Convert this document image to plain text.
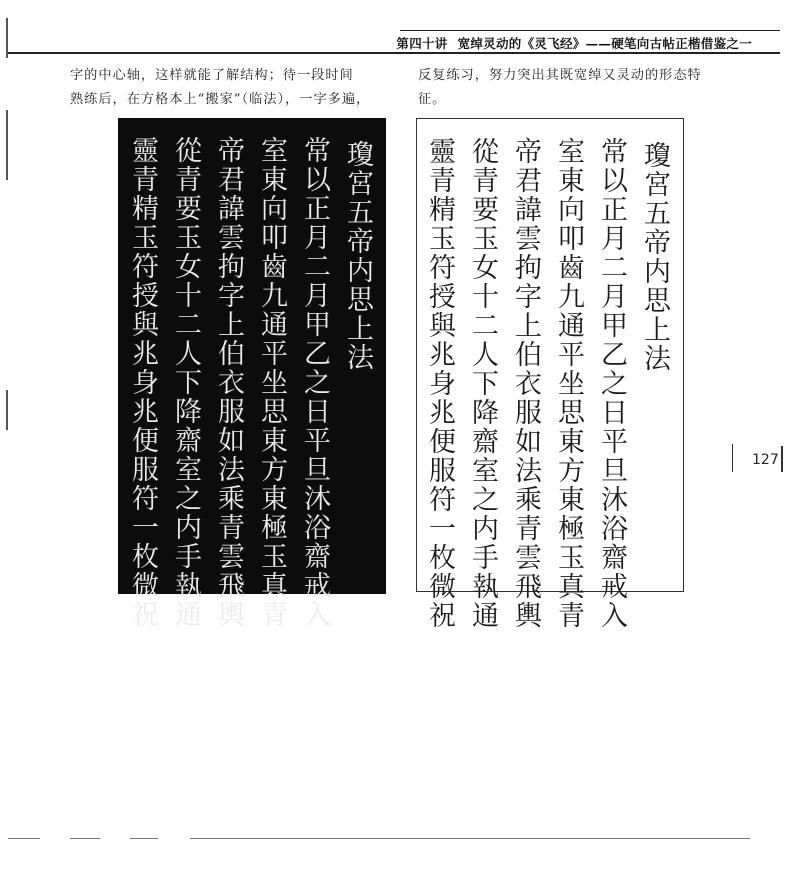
第四十讲 宽绰灵动的《灵飞经》——硬笔向古帖正楷借鉴之一
字的中心轴，这样就能了解结构；待一段时间
熟练后，在方格本上“搬家”（临法），一字多遍，
反复练习，努力突出其既宽绰又灵动的形态特
征。
瓊宮五帝内思上法
常以正月二月甲乙之日平旦沐浴齋戒入
室東向叩齒九通平坐思東方東極玉真青
帝君諱雲拘字上伯衣服如法乘青雲飛輿
從青要玉女十二人下降齋室之内手執通
靈青精玉符授與兆身兆便服符一枚微祝	瓊宮五帝内思上法
常以正月二月甲乙之日平旦沐浴齋戒入
室東向叩齒九通平坐思東方東極玉真青
帝君諱雲拘字上伯衣服如法乘青雲飛輿
從青要玉女十二人下降齋室之内手執通
靈青精玉符授與兆身兆便服符一枚微祝	127
